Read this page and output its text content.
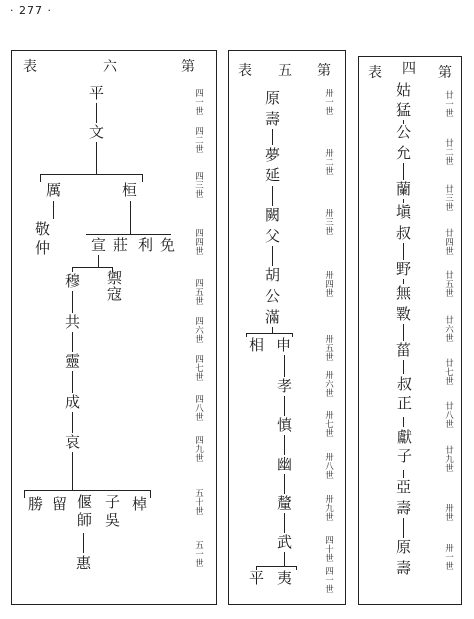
· 277 ·
第
六
表
四
一
世
四
二
世
四
三
世
四
四
世
四
五
世
四
六
世
四
七
世
四
八
世
四
九
世
五
十
世
五
一
世
平
文
厲	桓
敬仲	宣 莊 利 免
穆 禦寇
共
靈
成
哀
勝 留 偃師 子吳 棹
惠
第
五
表
卅
一
世
卅
二
世
卅
三
世
卅
四
世
卅
五
世
卅
六
世
卅
七
世
卅
八
世
卅
九
世
四
十
世
四
一
世
原
壽
夢
延
闕
父
胡
公
滿
相 申
孝
慎
幽
釐
武
平 夷
第
四
表
廿
一
世
廿
二
世
廿
三
世
廿
四
世
廿
五
世
廿
六
世
廿
七
世
廿
八
世
廿
九
世
卅
世
卅
一
世
姑
猛
公
允
蘭
塡
叔
野
無
斁
菑
叔正
獻子
亞
壽
原
壽
